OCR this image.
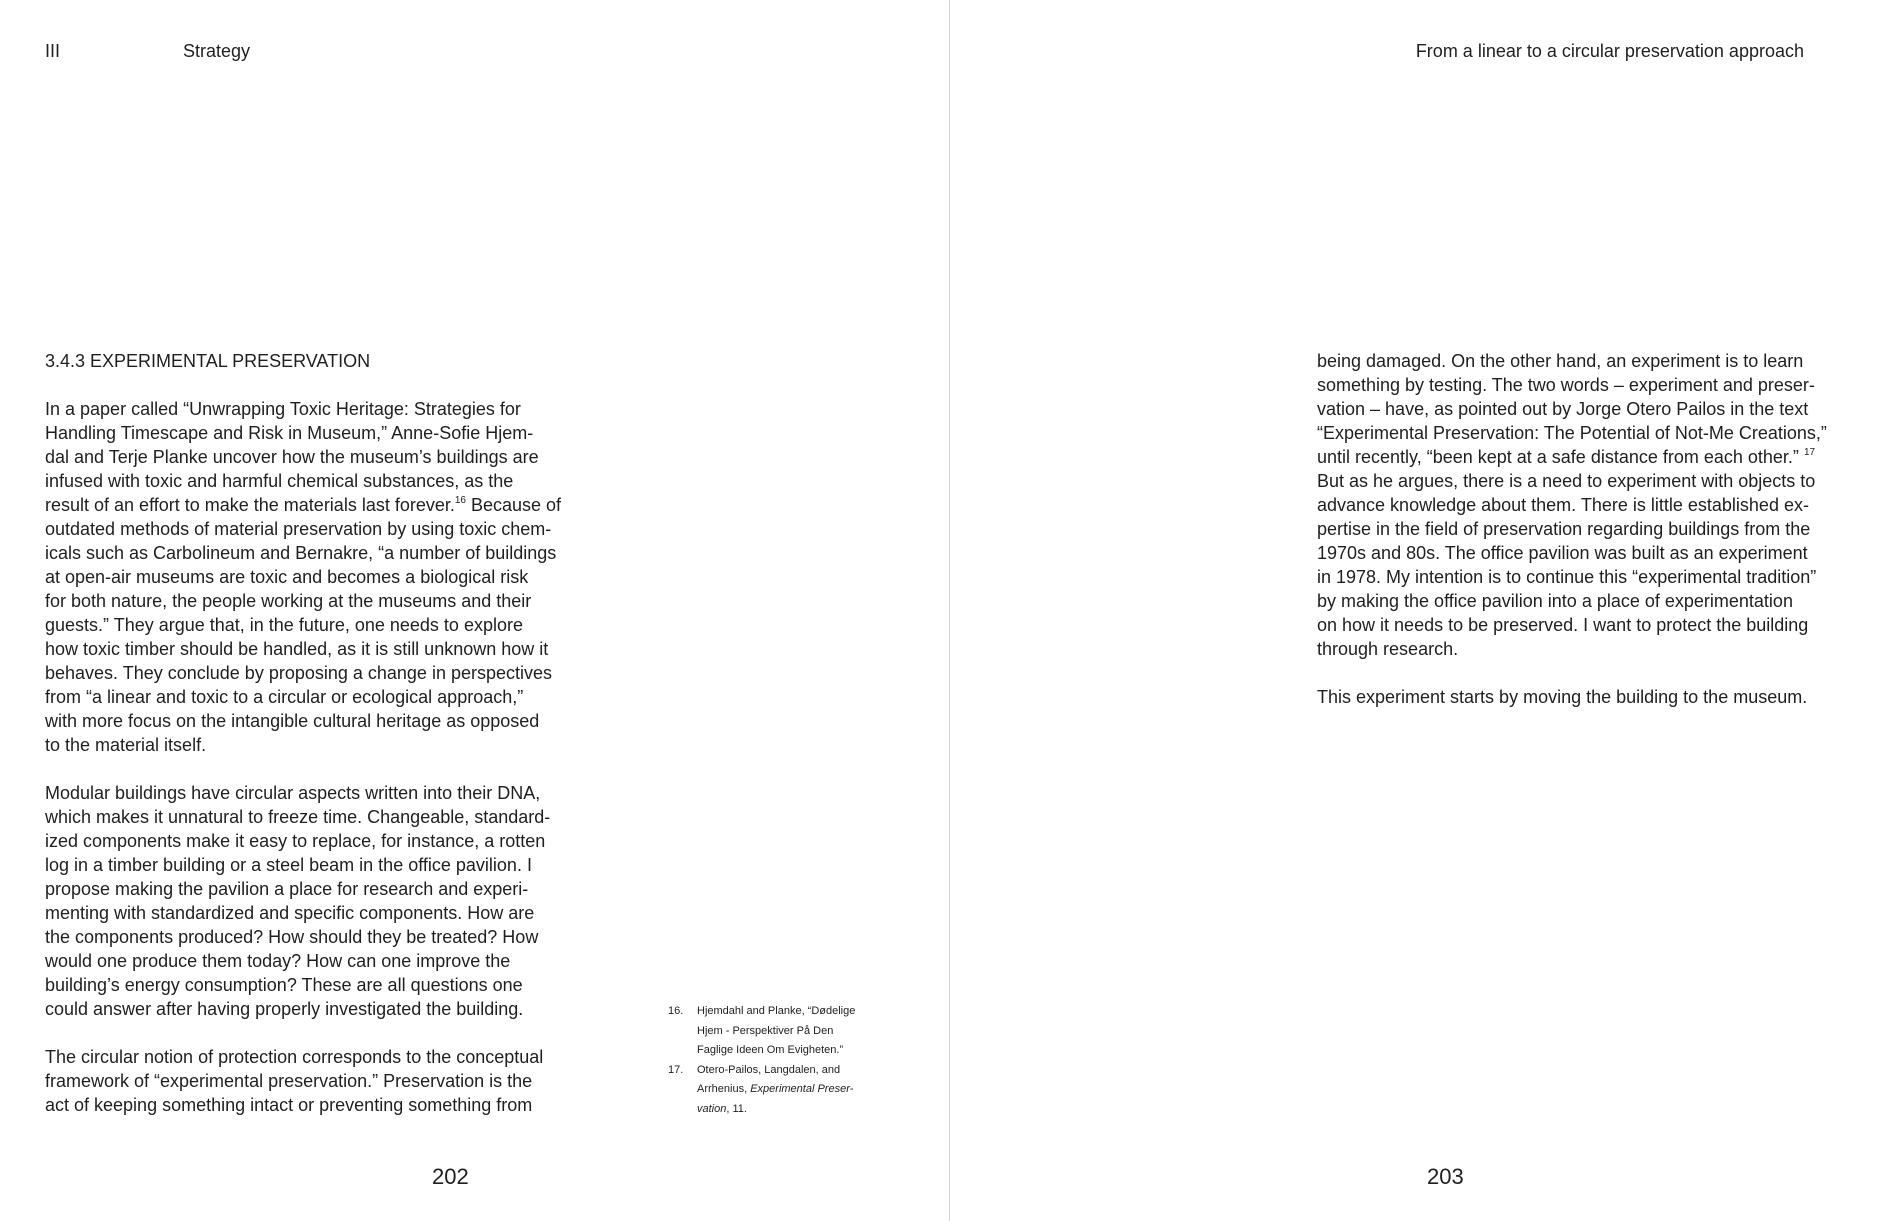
III	Strategy

3.4.3 EXPERIMENTAL PRESERVATION

In a paper called “Unwrapping Toxic Heritage: Strategies for
Handling Timescape and Risk in Museum,” Anne-Sofie Hjem-
dal and Terje Planke uncover how the museum’s buildings are
infused with toxic and harmful chemical substances, as the
result of an effort to make the materials last forever.$^{16}$ Because of
outdated methods of material preservation by using toxic chem-
icals such as Carbolineum and Bernakre, “a number of buildings
at open-air museums are toxic and becomes a biological risk
for both nature, the people working at the museums and their
guests.” They argue that, in the future, one needs to explore
how toxic timber should be handled, as it is still unknown how it
behaves. They conclude by proposing a change in perspectives
from “a linear and toxic to a circular or ecological approach,”
with more focus on the intangible cultural heritage as opposed
to the material itself.

Modular buildings have circular aspects written into their DNA,
which makes it unnatural to freeze time. Changeable, standard-
ized components make it easy to replace, for instance, a rotten
log in a timber building or a steel beam in the office pavilion. I
propose making the pavilion a place for research and experi-
menting with standardized and specific components. How are
the components produced? How should they be treated? How
would one produce them today? How can one improve the
building’s energy consumption? These are all questions one
could answer after having properly investigated the building.

The circular notion of protection corresponds to the conceptual
framework of “experimental preservation.” Preservation is the
act of keeping something intact or preventing something from

16.	Hjemdahl and Planke, “Dødelige
Hjem - Perspektiver På Den
Faglige Ideen Om Evigheten.”
17.	Otero-Pailos, Langdalen, and
Arrhenius, Experimental Preser-
vation, 11.

202

From a linear to a circular preservation approach

being damaged. On the other hand, an experiment is to learn
something by testing. The two words – experiment and preser-
vation – have, as pointed out by Jorge Otero Pailos in the text
“Experimental Preservation: The Potential of Not-Me Creations,”
until recently, “been kept at a safe distance from each other.” $^{17}$
But as he argues, there is a need to experiment with objects to
advance knowledge about them. There is little established ex-
pertise in the field of preservation regarding buildings from the
1970s and 80s. The office pavilion was built as an experiment
in 1978. My intention is to continue this “experimental tradition”
by making the office pavilion into a place of experimentation
on how it needs to be preserved. I want to protect the building
through research.

This experiment starts by moving the building to the museum.

203
